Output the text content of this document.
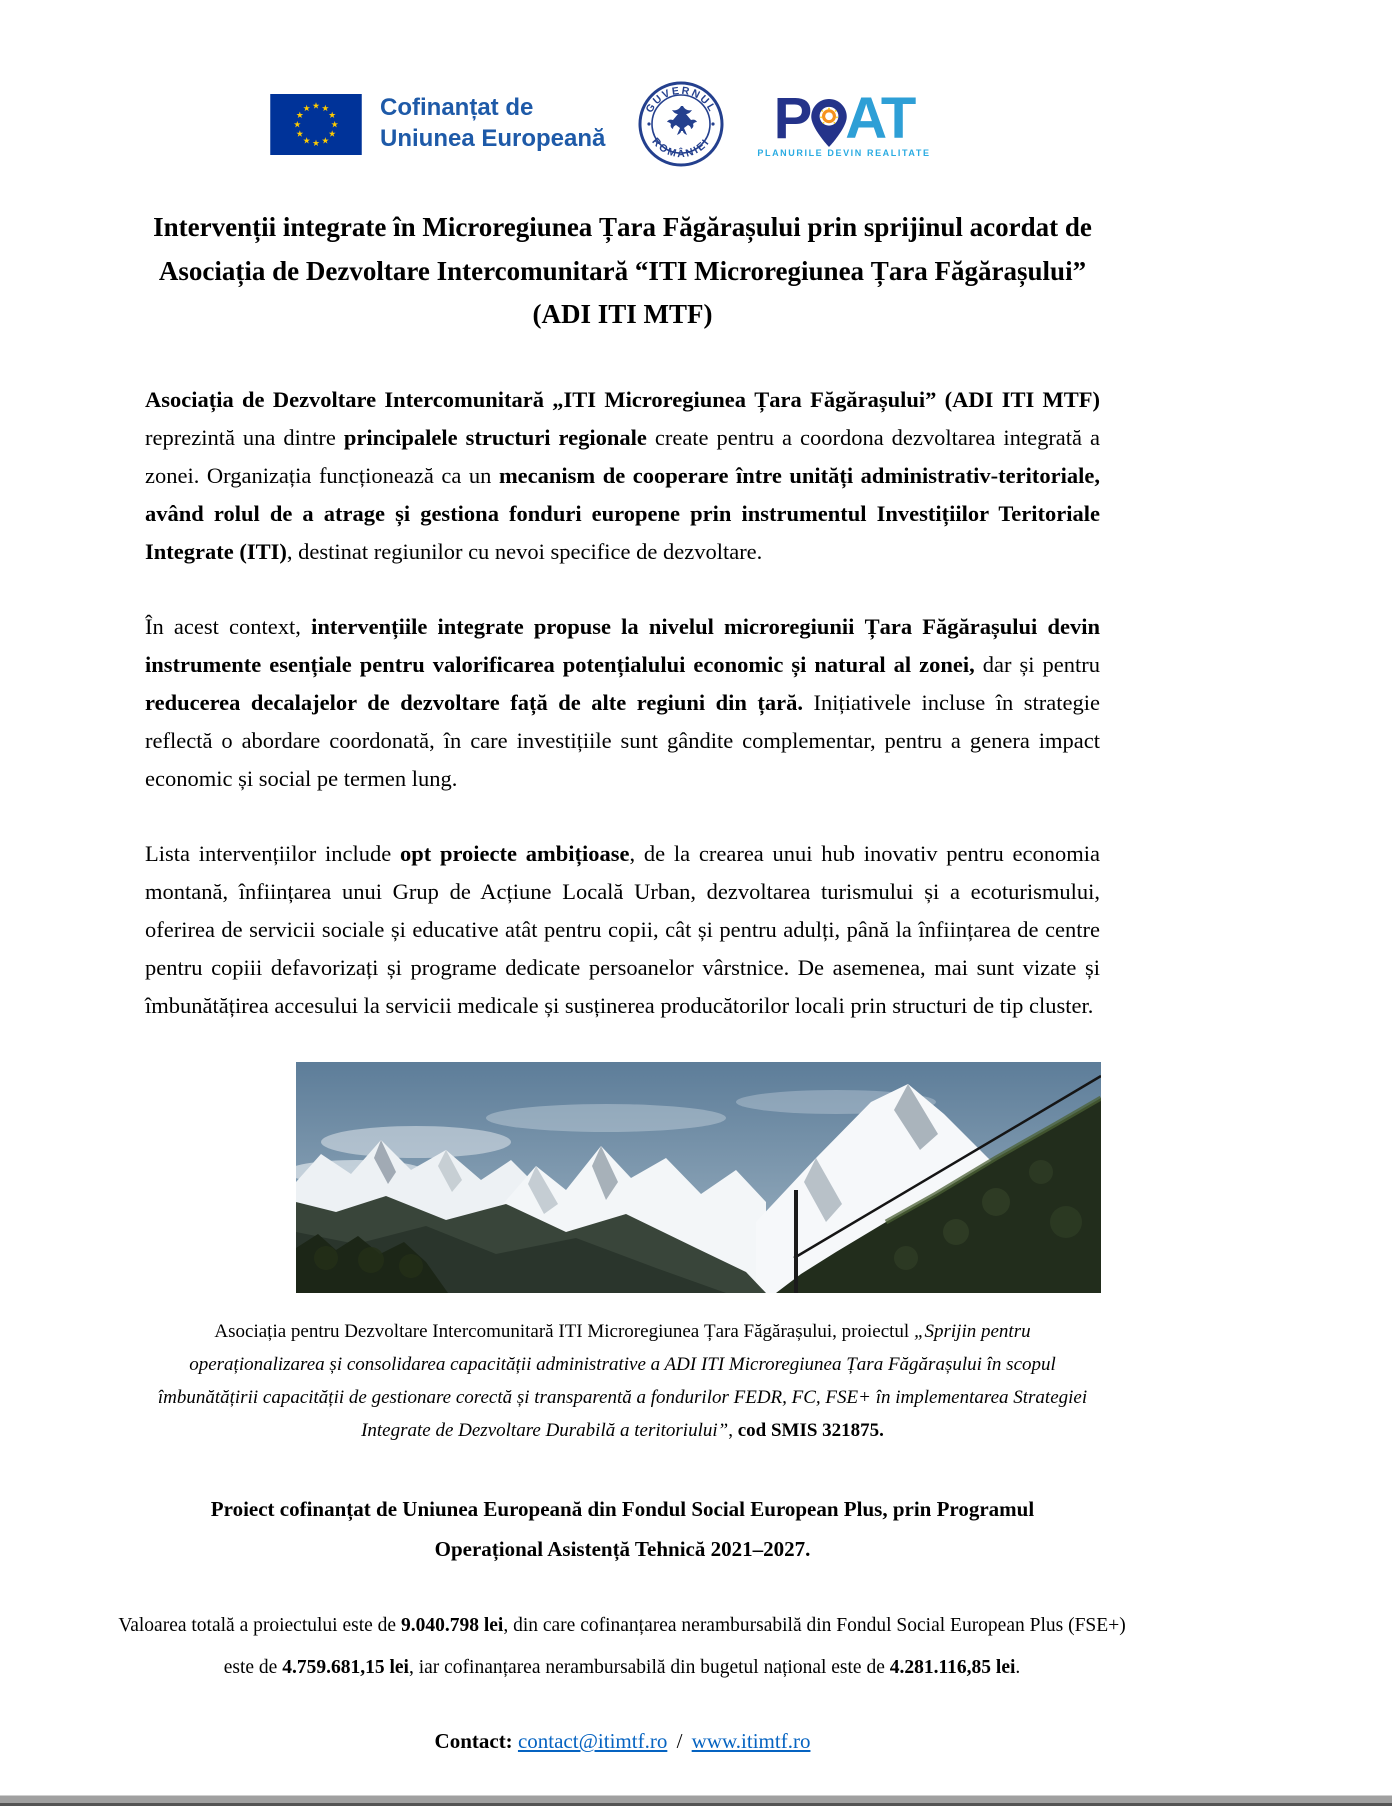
Cofinanțat de
Uniunea Europeană
GUVERNUL
ROMÂNIEI P AT
PLANURILE DEVIN REALITATE
Intervenții integrate în Microregiunea Țara Făgărașului prin sprijinul acordat de Asociația de Dezvoltare Intercomunitară “ITI Microregiunea Țara Făgărașului” (ADI ITI MTF)

Asociația de Dezvoltare Intercomunitară „ITI Microregiunea Țara Făgărașului” (ADI ITI MTF) reprezintă una dintre principalele structuri regionale create pentru a coordona dezvoltarea integrată a zonei. Organizația funcționează ca un mecanism de cooperare între unități administrativ-teritoriale, având rolul de a atrage și gestiona fonduri europene prin instrumentul Investițiilor Teritoriale Integrate (ITI), destinat regiunilor cu nevoi specifice de dezvoltare.

În acest context, intervențiile integrate propuse la nivelul microregiunii Țara Făgărașului devin instrumente esențiale pentru valorificarea potențialului economic și natural al zonei, dar și pentru reducerea decalajelor de dezvoltare față de alte regiuni din țară. Inițiativele incluse în strategie reflectă o abordare coordonată, în care investițiile sunt gândite complementar, pentru a genera impact economic și social pe termen lung.

Lista intervențiilor include opt proiecte ambițioase, de la crearea unui hub inovativ pentru economia montană, înființarea unui Grup de Acțiune Locală Urban, dezvoltarea turismului și a ecoturismului, oferirea de servicii sociale și educative atât pentru copii, cât și pentru adulți, până la înființarea de centre pentru copiii defavorizați și programe dedicate persoanelor vârstnice. De asemenea, mai sunt vizate și îmbunătățirea accesului la servicii medicale și susținerea producătorilor locali prin structuri de tip cluster.

Asociația pentru Dezvoltare Intercomunitară ITI Microregiunea Țara Făgărașului, proiectul „Sprijin pentru operaționalizarea și consolidarea capacității administrative a ADI ITI Microregiunea Țara Făgărașului în scopul îmbunătățirii capacității de gestionare corectă și transparentă a fondurilor FEDR, FC, FSE+ în implementarea Strategiei Integrate de Dezvoltare Durabilă a teritoriului”, cod SMIS 321875.
Proiect cofinanțat de Uniunea Europeană din Fondul Social European Plus, prin Programul Operațional Asistență Tehnică 2021–2027.
Valoarea totală a proiectului este de 9.040.798 lei, din care cofinanțarea nerambursabilă din Fondul Social European Plus (FSE+) este de 4.759.681,15 lei, iar cofinanțarea nerambursabilă din bugetul național este de 4.281.116,85 lei.
Contact: contact@itimtf.ro / www.itimtf.ro
